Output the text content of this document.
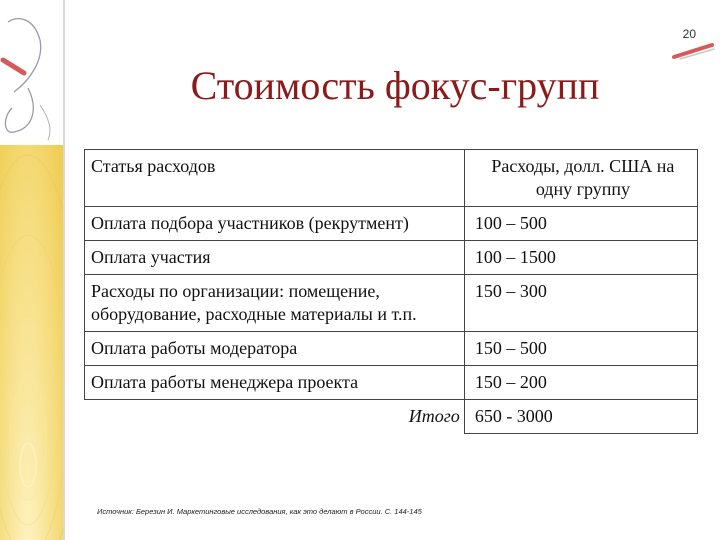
20
Стоимость фокус-групп
Статья расходов	Расходы, долл. США на одну группу
Оплата подбора участников (рекрутмент)	100 – 500
Оплата участия	100 – 1500
Расходы по организации: помещение, оборудование, расходные материалы и т.п.	150 – 300
Оплата работы модератора	150 – 500
Оплата работы менеджера проекта	150 – 200
Итого	650 - 3000
Источник: Березин И. Маркетинговые исследования, как это делают в России. С. 144-145
